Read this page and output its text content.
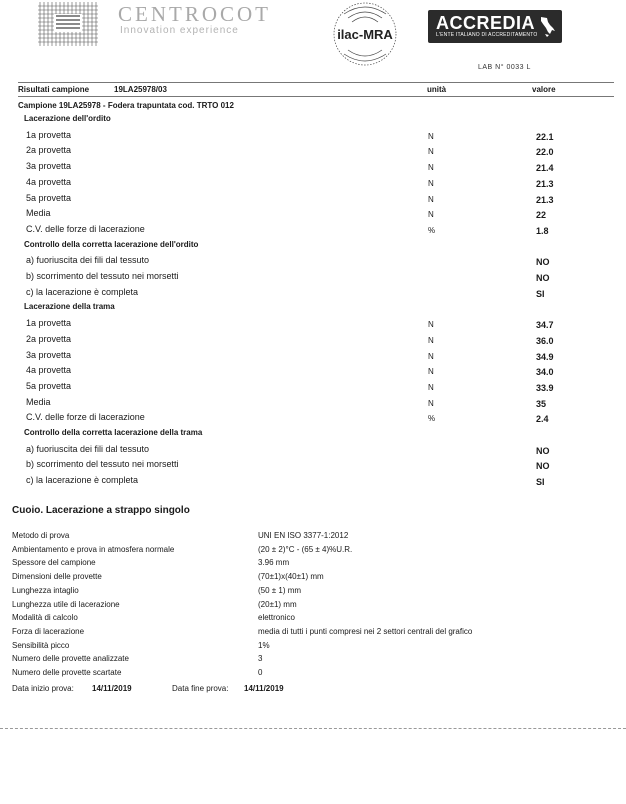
CENTROCOT
Innovation experience	ilac-MRA
ACCREDIA
L'ENTE ITALIANO DI ACCREDITAMENTO
LAB N° 0033 L
Risultati campione	19LA25978/03	unità	valore
Campione 19LA25978 - Fodera trapuntata cod. TRTO 012
Lacerazione dell'ordito
1a provetta	N	22.1
2a provetta	N	22.0
3a provetta	N	21.4
4a provetta	N	21.3
5a provetta	N	21.3
Media	N	22
C.V. delle forze di lacerazione	%	1.8
Controllo della corretta lacerazione dell'ordito
a) fuoriuscita dei fili dal tessuto	NO
b) scorrimento del tessuto nei morsetti	NO
c) la lacerazione è completa	SI
Lacerazione della trama
1a provetta	N	34.7
2a provetta	N	36.0
3a provetta	N	34.9
4a provetta	N	34.0
5a provetta	N	33.9
Media	N	35
C.V. delle forze di lacerazione	%	2.4
Controllo della corretta lacerazione della trama
a) fuoriuscita dei fili dal tessuto	NO
b) scorrimento del tessuto nei morsetti	NO
c) la lacerazione è completa	SI
Cuoio. Lacerazione a strappo singolo
Metodo di prova	UNI EN ISO 3377-1:2012
Ambientamento e prova in atmosfera normale	(20 ± 2)°C - (65 ± 4)%U.R.
Spessore del campione	3.96 mm
Dimensioni delle provette	(70±1)x(40±1) mm
Lunghezza intaglio	(50 ± 1) mm
Lunghezza utile di lacerazione	(20±1) mm
Modalità di calcolo	elettronico
Forza di lacerazione	media di tutti i punti compresi nei 2 settori centrali del grafico
Sensibilità picco	1%
Numero delle provette analizzate	3
Numero delle provette scartate	0
Data inizio prova: 14/11/2019	Data fine prova: 14/11/2019
